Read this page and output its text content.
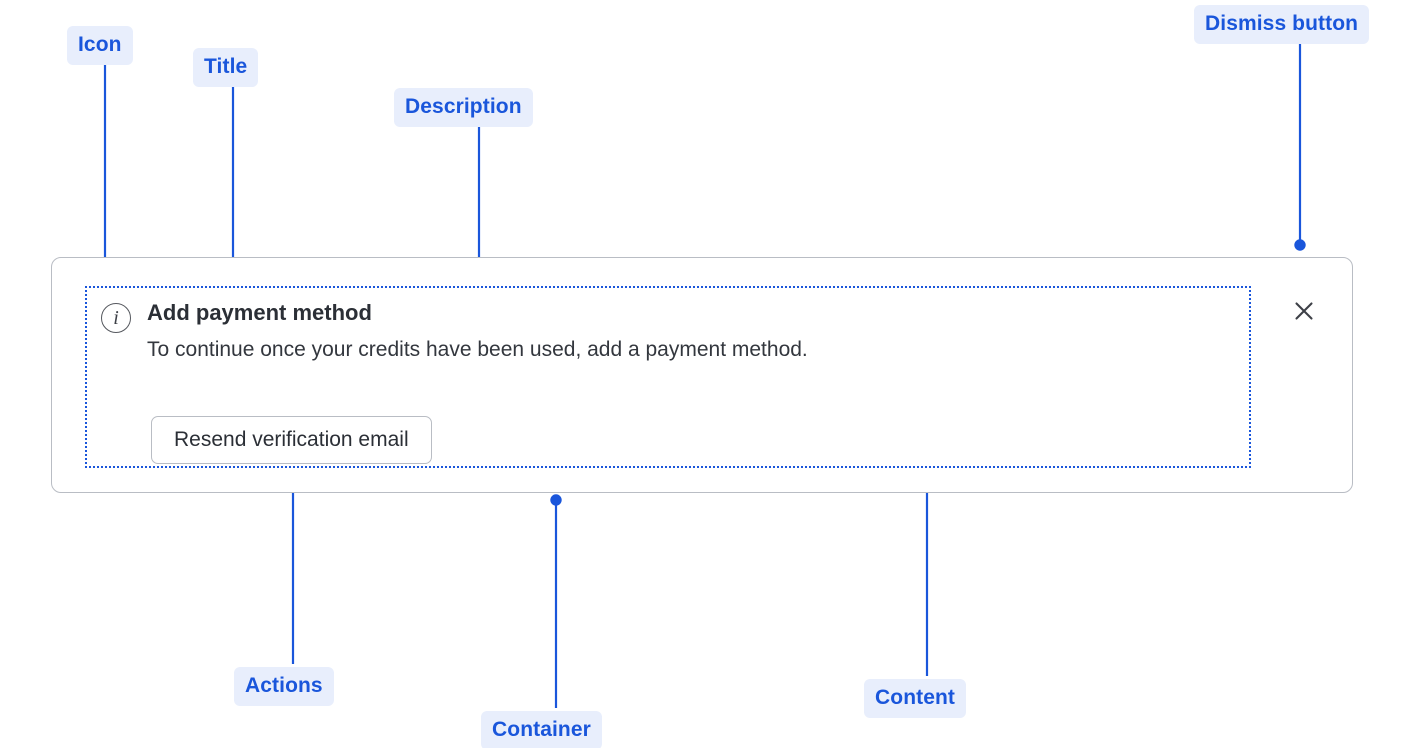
Icon
Title
Description
Dismiss button
Actions
Container
Content
i Add payment method

To continue once your credits have been used, add a payment method.

Resend verification email
